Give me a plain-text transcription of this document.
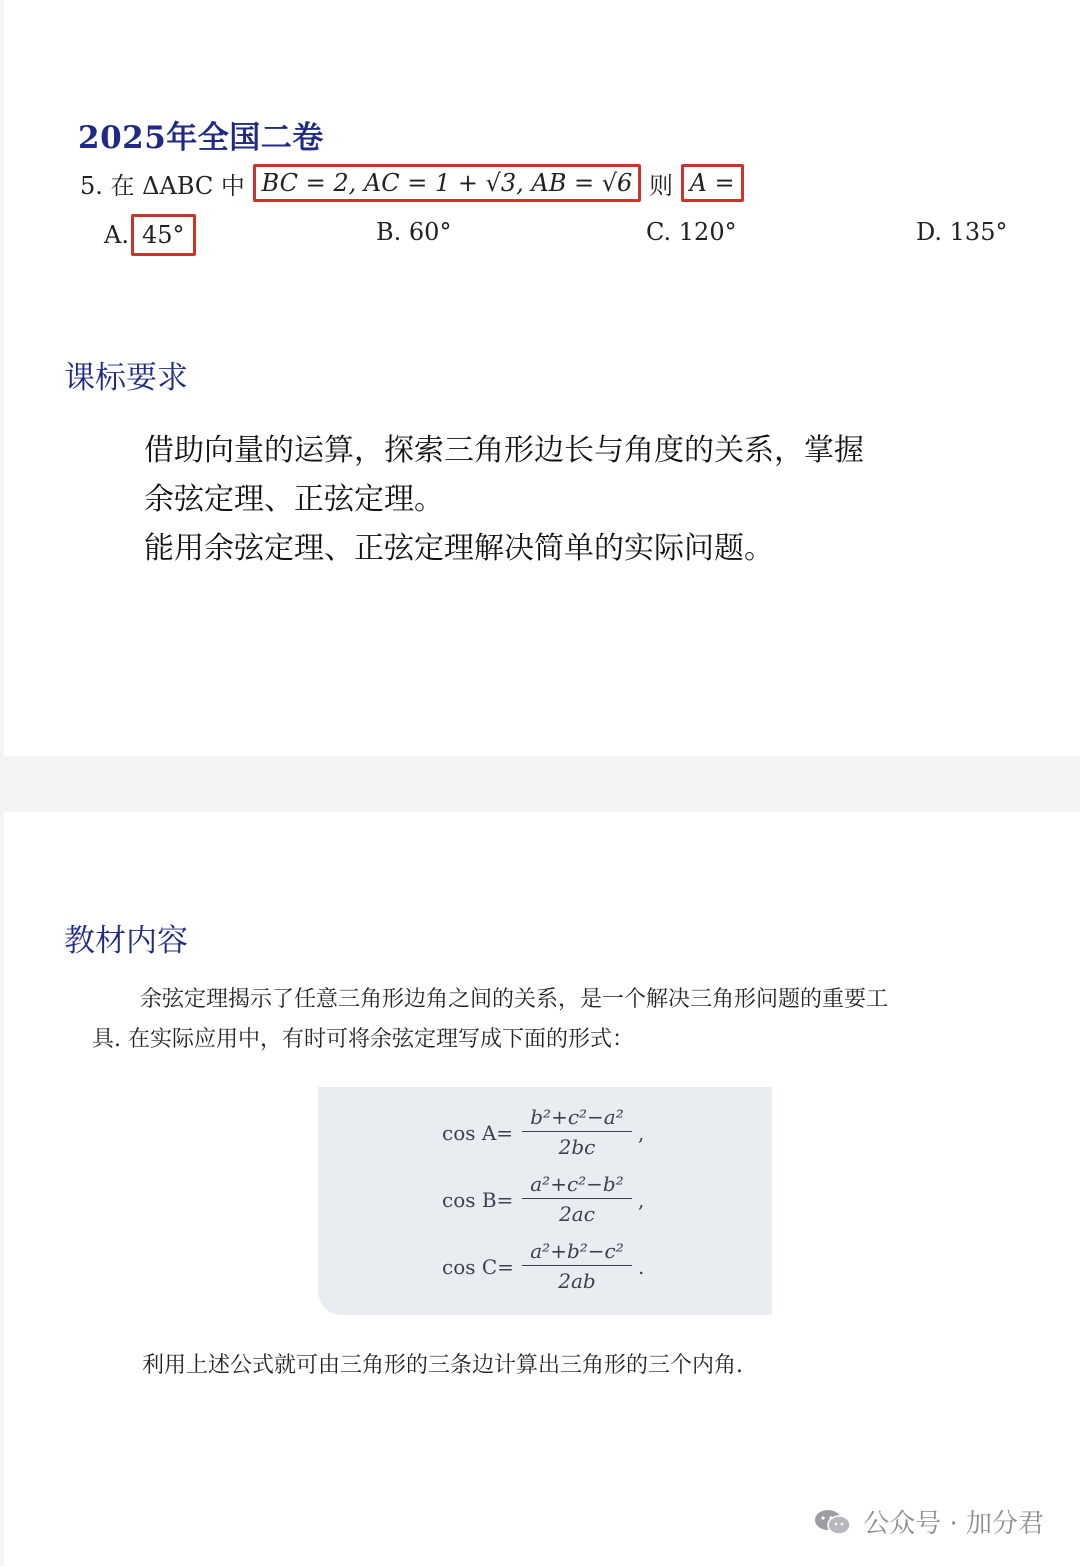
2025年全国二卷
5. 在 ΔABC 中 BC = 2, AC = 1 + √3, AB = √6 则 A =
A. 45°	B. 60°	C. 120°	D. 135°
课标要求
借助向量的运算，探索三角形边长与角度的关系，掌握
余弦定理、正弦定理。
能用余弦定理、正弦定理解决简单的实际问题。
教材内容
余弦定理揭示了任意三角形边角之间的关系，是一个解决三角形问题的重要工
具. 在实际应用中，有时可将余弦定理写成下面的形式：
$\cos A= \frac{\text{b²+c²−a²}}{2bc}$ ,
$\cos B= \frac{\text{a²+c²−b²}}{2ac}$ ,
$\cos C= \frac{\text{a²+b²−c²}}{2ab}$ .
利用上述公式就可由三角形的三条边计算出三角形的三个内角.
公众号 · 加分君
